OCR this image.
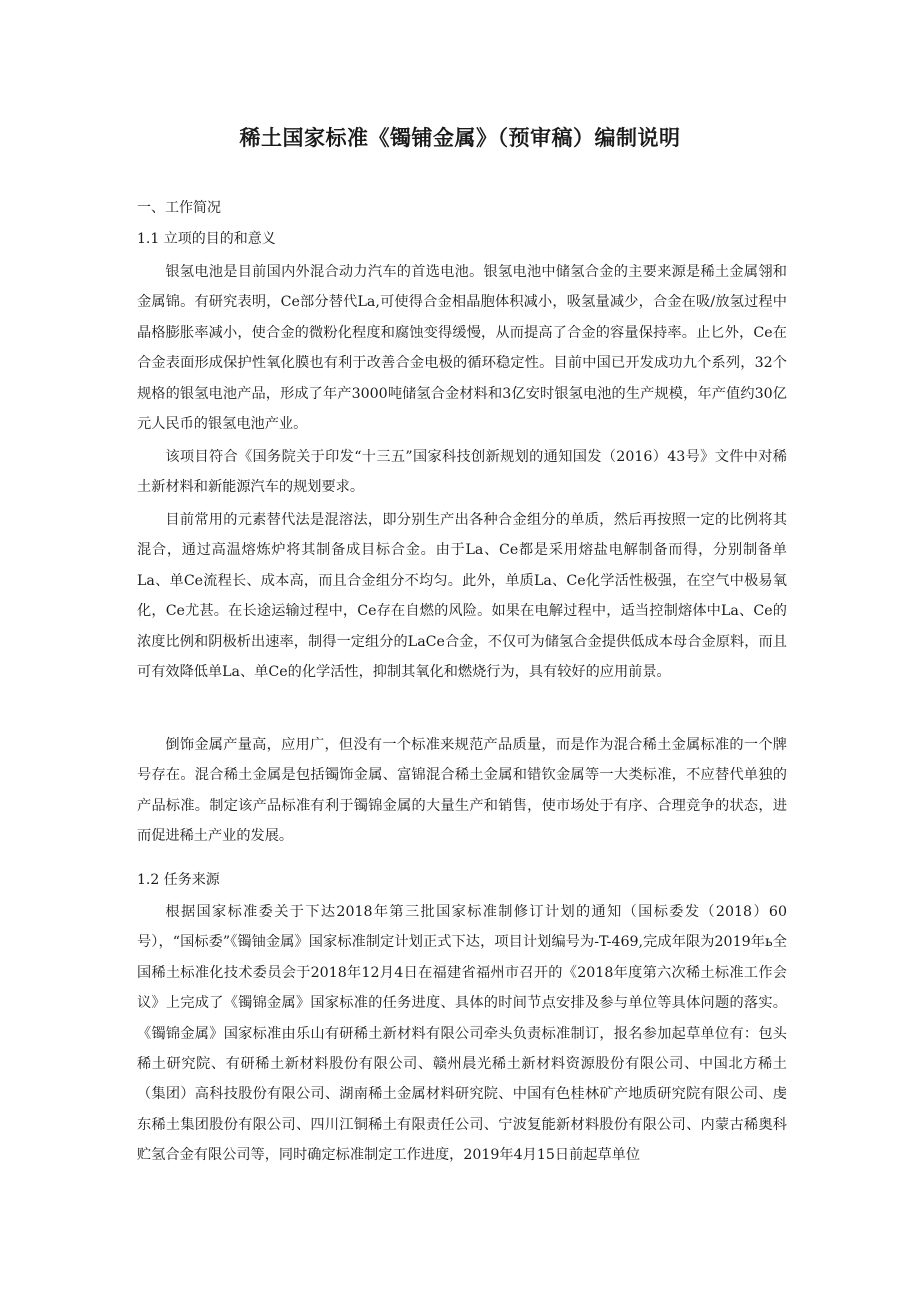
稀土国家标准《镯铺金属》（预审稿）编制说明
一、工作简况
1.1 立项的目的和意义

银氢电池是目前国内外混合动力汽车的首选电池。银氢电池中储氢合金的主要来源是稀土金属翎和金属锦。有研究表明，Ce部分替代La,可使得合金相晶胞体积减小，吸氢量减少，合金在吸/放氢过程中晶格膨胀率减小，使合金的微粉化程度和腐蚀变得缓慢，从而提高了合金的容量保持率。止匕外，Ce在合金表面形成保护性氧化膜也有利于改善合金电极的循环稳定性。目前中国已开发成功九个系列，32个规格的银氢电池产品，形成了年产3000吨储氢合金材料和3亿安时银氢电池的生产规模，年产值约30亿元人民币的银氢电池产业。

该项目符合《国务院关于印发“十三五”国家科技创新规划的通知国发（2016）43号》文件中对稀土新材料和新能源汽车的规划要求。

目前常用的元素替代法是混溶法，即分别生产出各种合金组分的单质，然后再按照一定的比例将其混合，通过高温熔炼炉将其制备成目标合金。由于La、Ce都是采用熔盐电解制备而得，分别制备单La、单Ce流程长、成本高，而且合金组分不均匀。此外，单质La、Ce化学活性极强，在空气中极易氧化，Ce尤甚。在长途运输过程中，Ce存在自燃的风险。如果在电解过程中，适当控制熔体中La、Ce的浓度比例和阴极析出速率，制得一定组分的LaCe合金，不仅可为储氢合金提供低成本母合金原料，而且可有效降低单La、单Ce的化学活性，抑制其氧化和燃烧行为，具有较好的应用前景。

倒饰金属产量高，应用广，但没有一个标准来规范产品质量，而是作为混合稀土金属标准的一个牌号存在。混合稀土金属是包括镯饰金属、富锦混合稀土金属和错钦金属等一大类标准，不应替代单独的产品标准。制定该产品标准有利于镯锦金属的大量生产和销售，使市场处于有序、合理竞争的状态，进而促进稀土产业的发展。

1.2 任务来源

根据国家标准委关于下达2018年第三批国家标准制修订计划的通知（国标委发（2018）60号），“国标委”《镯铀金属》国家标准制定计划正式下达，项目计划编号为-T-469,完成年限为2019年ь全国稀土标准化技术委员会于2018年12月4日在福建省福州市召开的《2018年度第六次稀土标准工作会议》上完成了《镯锦金属》国家标准的任务进度、具体的时间节点安排及参与单位等具体问题的落实。《镯锦金属》国家标准由乐山有研稀土新材料有限公司牵头负责标准制订，报名参加起草单位有：包头稀土研究院、有研稀土新材料股份有限公司、赣州晨光稀土新材料资源股份有限公司、中国北方稀土（集团）高科技股份有限公司、湖南稀土金属材料研究院、中国有色桂林矿产地质研究院有限公司、虔东稀土集团股份有限公司、四川江铜稀土有限责任公司、宁波复能新材料股份有限公司、内蒙古稀奥科贮氢合金有限公司等，同时确定标准制定工作进度，2019年4月15日前起草单位
